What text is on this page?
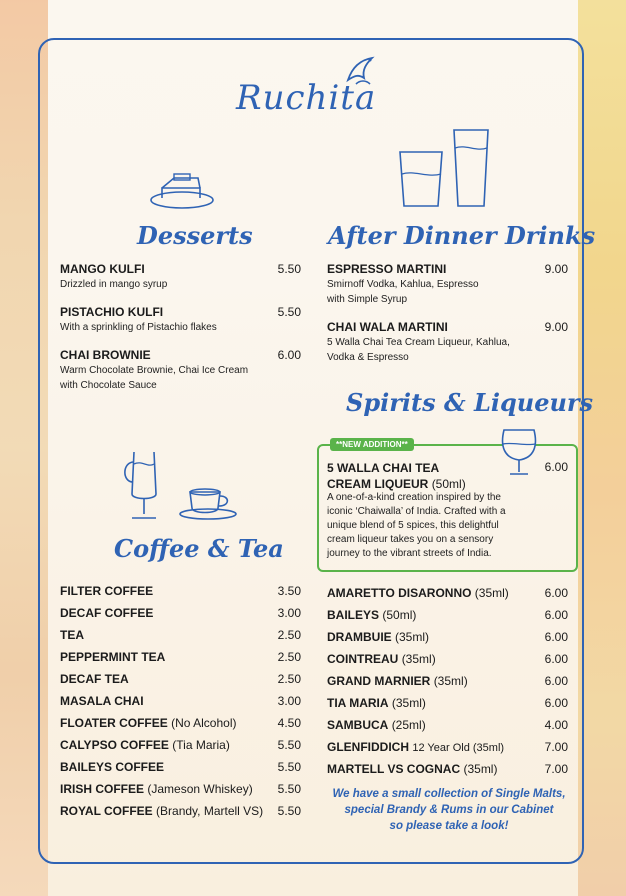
Ruchita
Desserts	After Dinner Drinks
Spirits & Liqueurs
Coffee & Tea
MANGO KULFI	5.50
Drizzled in mango syrup
PISTACHIO KULFI	5.50
With a sprinkling of Pistachio flakes
CHAI BROWNIE	6.00
Warm Chocolate Brownie, Chai Ice Cream
with Chocolate Sauce
ESPRESSO MARTINI	9.00
Smirnoff Vodka, Kahlua, Espresso
with Simple Syrup
CHAI WALA MARTINI	9.00
5 Walla Chai Tea Cream Liqueur, Kahlua,
Vodka & Espresso
**NEW ADDITION**
5 WALLA CHAI TEA
CREAM LIQUEUR (50ml)
6.00
A one-of-a-kind creation inspired by the
iconic ‘Chaiwalla’ of India. Crafted with a
unique blend of 5 spices, this delightful
cream liqueur takes you on a sensory
journey to the vibrant streets of India.
AMARETTO DISARONNO (35ml)	6.00
BAILEYS (50ml)	6.00
DRAMBUIE (35ml)	6.00
COINTREAU (35ml)	6.00
GRAND MARNIER (35ml)	6.00
TIA MARIA (35ml)	6.00
SAMBUCA (25ml)	4.00
GLENFIDDICH 12 Year Old (35ml)	7.00
MARTELL VS COGNAC (35ml)	7.00
We have a small collection of Single Malts,
special Brandy & Rums in our Cabinet
so please take a look!
FILTER COFFEE	3.50
DECAF COFFEE	3.00
TEA	2.50
PEPPERMINT TEA	2.50
DECAF TEA	2.50
MASALA CHAI	3.00
FLOATER COFFEE (No Alcohol)	4.50
CALYPSO COFFEE (Tia Maria)	5.50
BAILEYS COFFEE	5.50
IRISH COFFEE (Jameson Whiskey)	5.50
ROYAL COFFEE (Brandy, Martell VS)	5.50
